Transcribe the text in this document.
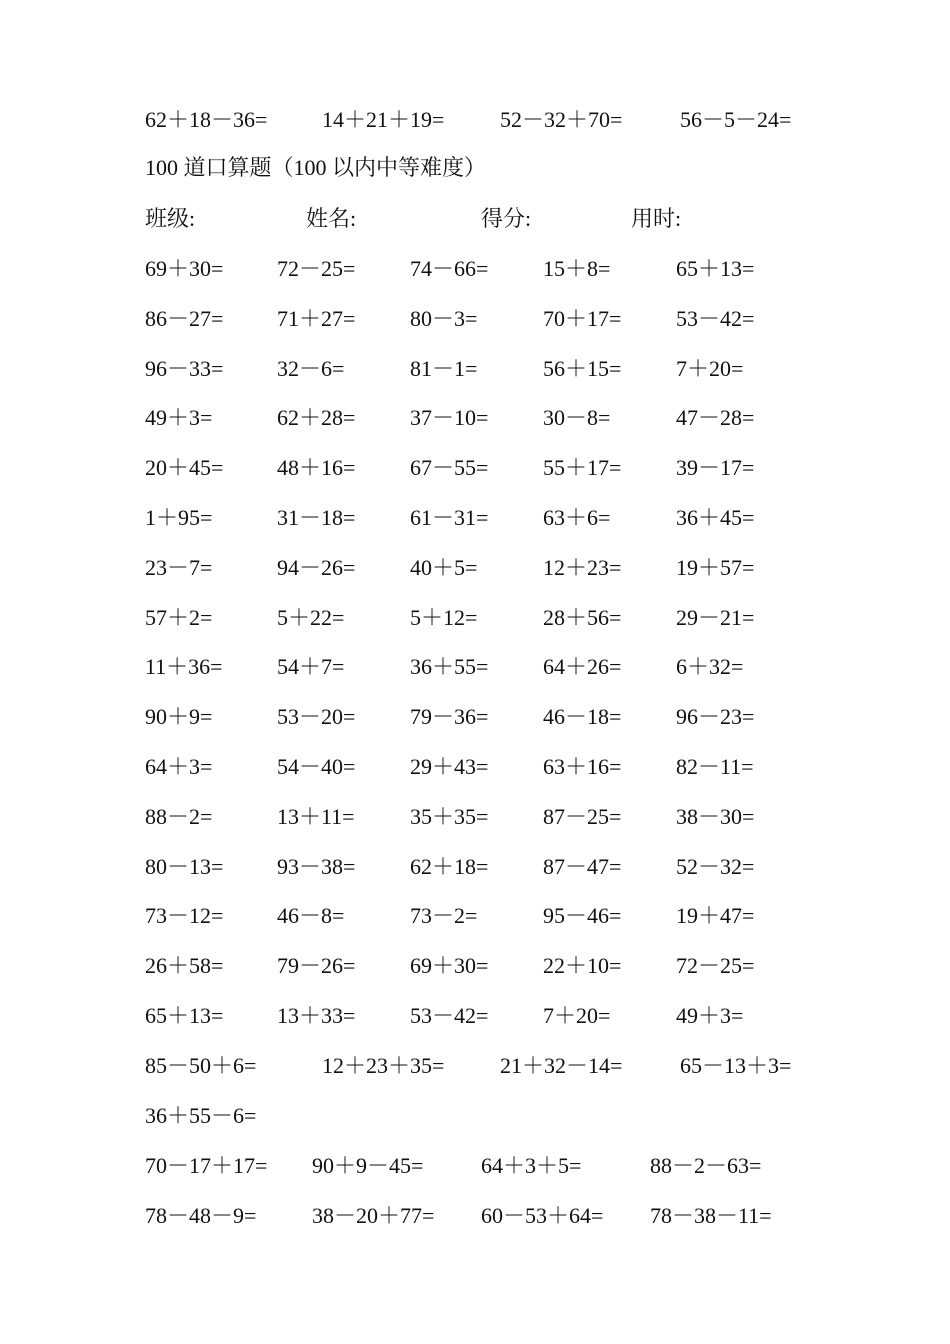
62＋18－36= 14＋21＋19=	52－32＋70=	56－5－24=
100 道口算题（100 以内中等难度）
班级:	姓名:	得分:	用时:
69＋30= 72－25= 74－66= 15＋8=	65＋13=
86－27= 71＋27= 80－3=	70＋17= 53－42=
96－33= 32－6=	81－1=	56＋15= 7＋20=
49＋3=	62＋28= 37－10= 30－8=	47－28=
20＋45= 48＋16= 67－55= 55＋17= 39－17=
1＋95=	31－18= 61－31= 63＋6=	36＋45=
23－7=	94－26= 40＋5=	12＋23= 19＋57=
57＋2=	5＋22=	5＋12=	28＋56= 29－21=
11＋36= 54＋7=	36＋55= 64＋26= 6＋32=
90＋9=	53－20= 79－36= 46－18= 96－23=
64＋3=	54－40= 29＋43= 63＋16= 82－11=
88－2=	13＋11=	35＋35= 87－25= 38－30=
80－13= 93－38= 62＋18= 87－47= 52－32=
73－12= 46－8=	73－2=	95－46= 19＋47=
26＋58= 79－26= 69＋30= 22＋10= 72－25=
65＋13= 13＋33= 53－42= 7＋20=	49＋3=
85－50＋6=	12＋23＋35=	21＋32－14=	65－13＋3=
36＋55－6=
70－17＋17= 90＋9－45=	64＋3＋5=	88－2－63=
78－48－9=	38－20＋77= 60－53＋64= 78－38－11=
